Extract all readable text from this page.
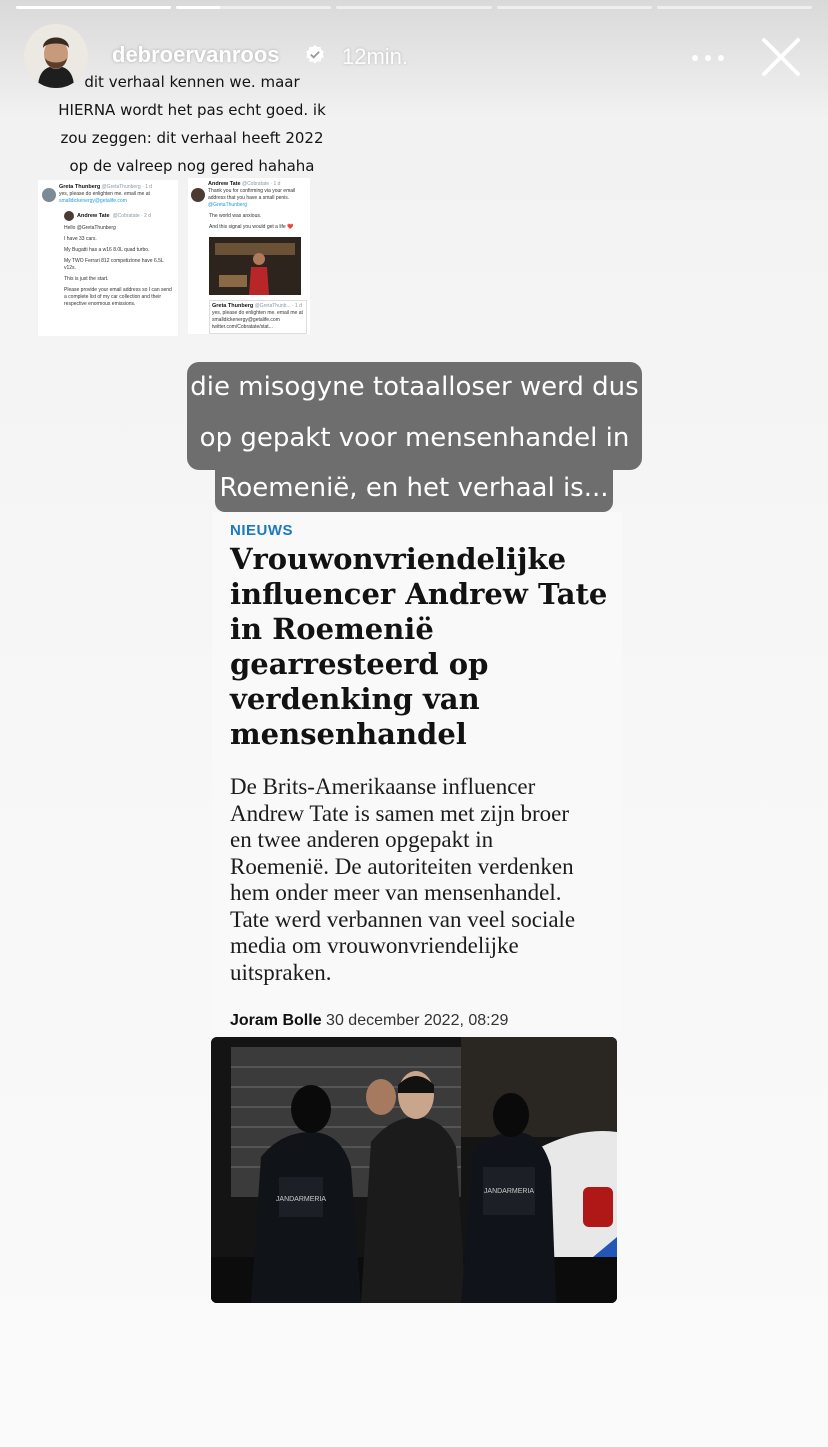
debroervanroos	12min.
dit verhaal kennen we. maar
HIERNA wordt het pas echt goed. ik
zou zeggen: dit verhaal heeft 2022
op de valreep nog gered hahaha
Greta Thunberg @GretaThunberg · 1 d
yes, please do enlighten me. email me at
smalldickenergy@getalife.com
Andrew Tate @Cobratate · 2 d
Hello @GretaThunberg
I have 33 cars.
My Bugatti has a w16 8.0L quad turbo.
My TWO Ferrari 812 competizione have 6.5L v12s.
This is just the start.
Please provide your email address so I can send a complete list of my car collection and their respective enormous emissions.
Andrew Tate @Cobratate · 1 d
Thank you for confirming via your email address that you have a small penis.
@GretaThunberg
The world was anxious.
And this signal you would get a life ❤️
Greta Thunberg @GretaThunb... · 1 d
yes, please do enlighten me. email me at smalldickenergy@getalife.com
twitter.com/Cobratate/stat...
die misogyne totaalloser werd dus
op gepakt voor mensenhandel in
Roemenië, en het verhaal is...
NIEUWS
Vrouwonvriendelijke
influencer Andrew Tate
in Roemenië
gearresteerd op
verdenking van
mensenhandel
De Brits-Amerikaanse influencer
Andrew Tate is samen met zijn broer
en twee anderen opgepakt in
Roemenië. De autoriteiten verdenken
hem onder meer van mensenhandel.
Tate werd verbannen van veel sociale
media om vrouwonvriendelijke
uitspraken.
Joram Bolle 30 december 2022, 08:29
JANDARMERIA
JANDARMERIA
